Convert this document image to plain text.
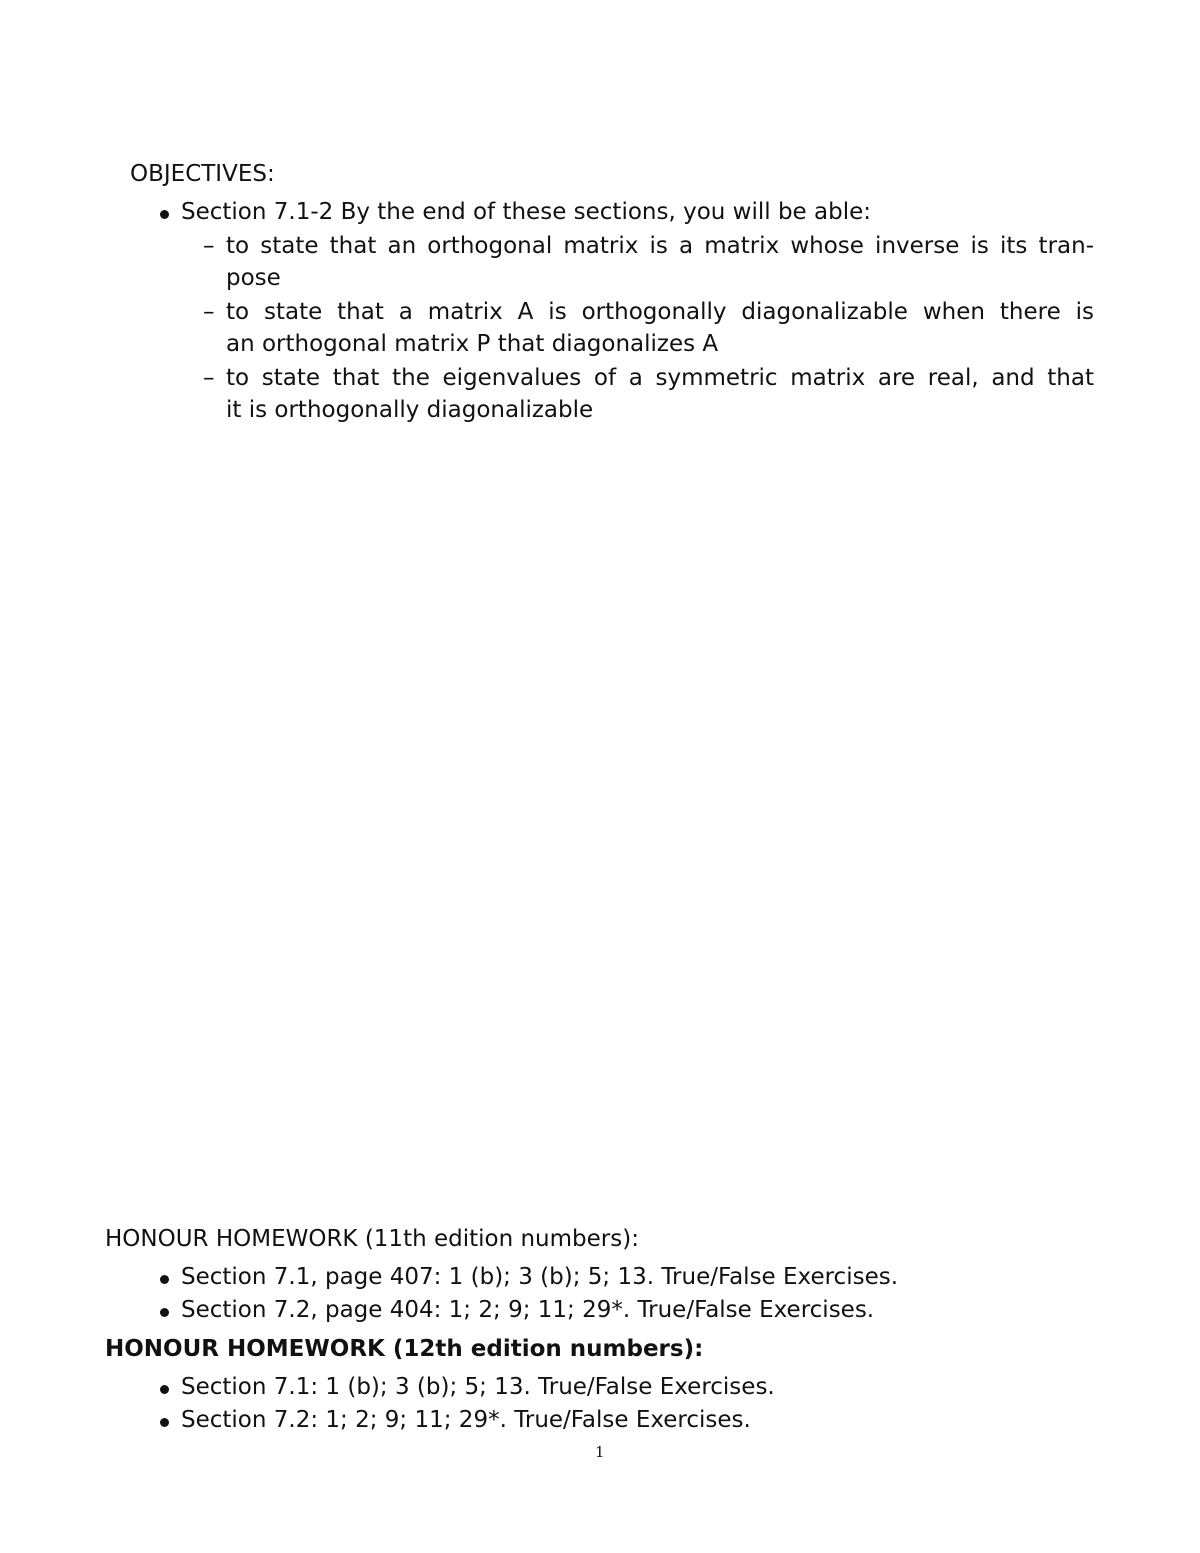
OBJECTIVES:
Section 7.1-2 By the end of these sections, you will be able:
– to state that an orthogonal matrix is a matrix whose inverse is its tran-
pose
– to state that a matrix A is orthogonally diagonalizable when there is
an orthogonal matrix P that diagonalizes A
– to state that the eigenvalues of a symmetric matrix are real, and that
it is orthogonally diagonalizable
HONOUR HOMEWORK (11th edition numbers):
Section 7.1, page 407: 1 (b); 3 (b); 5; 13. True/False Exercises.
Section 7.2, page 404: 1; 2; 9; 11; 29*. True/False Exercises.
HONOUR HOMEWORK (12th edition numbers):
Section 7.1: 1 (b); 3 (b); 5; 13. True/False Exercises.
Section 7.2: 1; 2; 9; 11; 29*. True/False Exercises.
1
